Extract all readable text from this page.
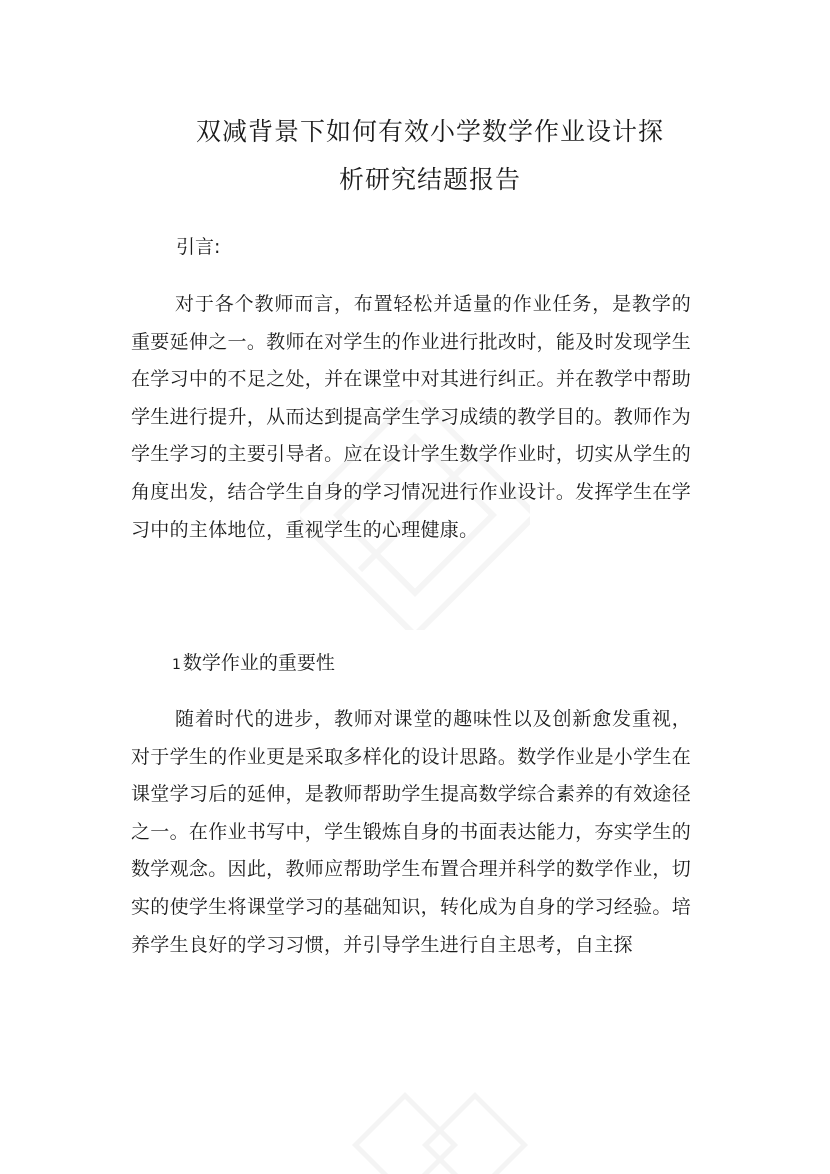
双减背景下如何有效小学数学作业设计探
析研究结题报告

引言:

对于各个教师而言，布置轻松并适量的作业任务，是教学的重要延伸之一。教师在对学生的作业进行批改时，能及时发现学生在学习中的不足之处，并在课堂中对其进行纠正。并在教学中帮助学生进行提升，从而达到提高学生学习成绩的教学目的。教师作为学生学习的主要引导者。应在设计学生数学作业时，切实从学生的角度出发，结合学生自身的学习情况进行作业设计。发挥学生在学习中的主体地位，重视学生的心理健康。

1 数学作业的重要性

随着时代的进步，教师对课堂的趣味性以及创新愈发重视，对于学生的作业更是采取多样化的设计思路。数学作业是小学生在课堂学习后的延伸，是教师帮助学生提高数学综合素养的有效途径之一。在作业书写中，学生锻炼自身的书面表达能力，夯实学生的数学观念。因此，教师应帮助学生布置合理并科学的数学作业，切实的使学生将课堂学习的基础知识，转化成为自身的学习经验。培养学生良好的学习习惯，并引导学生进行自主思考，自主探
